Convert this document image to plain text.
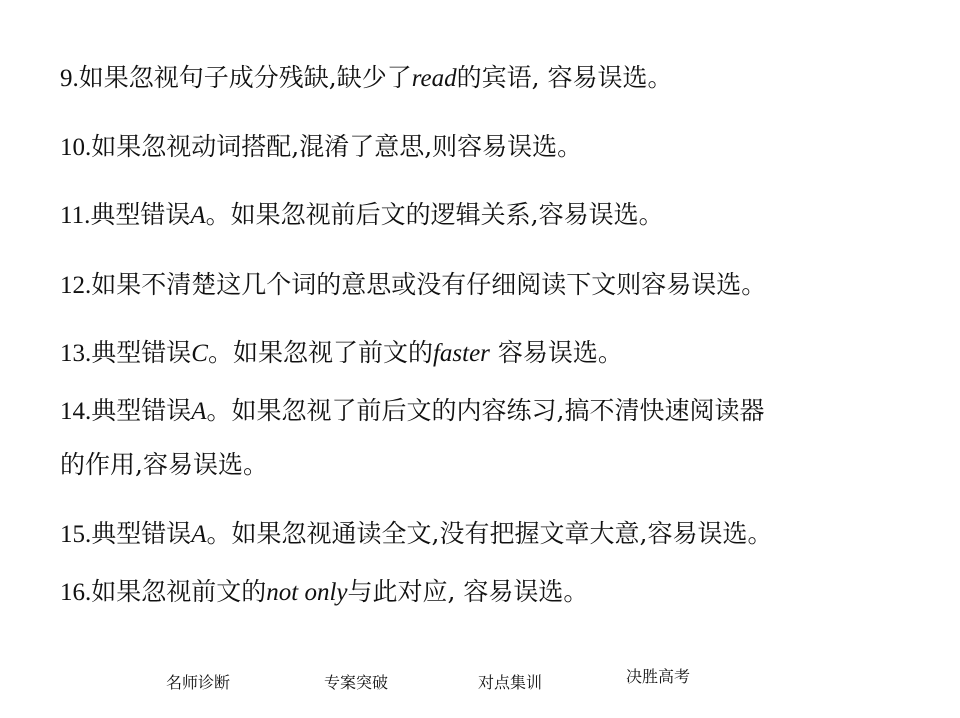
9.如果忽视句子成分残缺,缺少了read的宾语, 容易误选。
10.如果忽视动词搭配,混淆了意思,则容易误选。
11.典型错误A。如果忽视前后文的逻辑关系,容易误选。
12.如果不清楚这几个词的意思或没有仔细阅读下文则容易误选。
13.典型错误C。如果忽视了前文的faster 容易误选。
14.典型错误A。如果忽视了前后文的内容练习,搞不清快速阅读器
的作用,容易误选。
15.典型错误A。如果忽视通读全文,没有把握文章大意,容易误选。
16.如果忽视前文的not only与此对应, 容易误选。
名师诊断	专案突破	对点集训	决胜高考
